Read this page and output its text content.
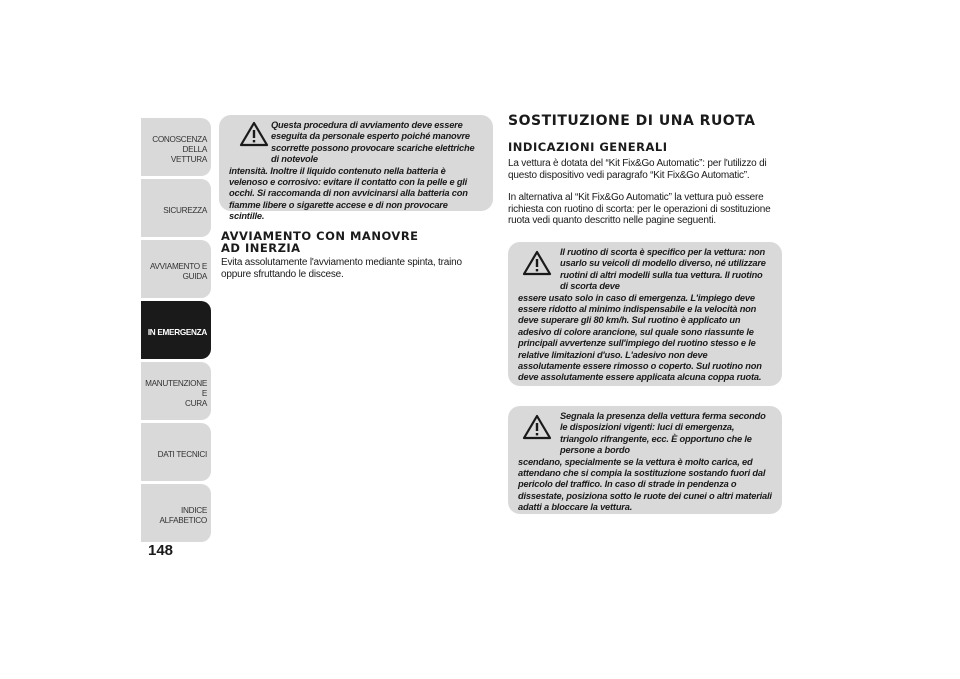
CONOSCENZA
DELLA VETTURA
SICUREZZA
AVVIAMENTO E
GUIDA
IN EMERGENZA
MANUTENZIONE E
CURA
DATI TECNICI
INDICE ALFABETICO
148

Questa procedura di avviamento deve essere eseguita da personale esperto poiché manovre scorrette possono provocare scariche elettriche di notevole

intensità. Inoltre il liquido contenuto nella batteria è velenoso e corrosivo: evitare il contatto con la pelle e gli occhi. Si raccomanda di non avvicinarsi alla batteria con fiamme libere o sigarette accese e di non provocare scintille.

AVVIAMENTO CON MANOVRE
AD INERZIA

Evita assolutamente l'avviamento mediante spinta, traino oppure sfruttando le discese.

SOSTITUZIONE DI UNA RUOTA
INDICAZIONI GENERALI

La vettura è dotata del “Kit Fix&Go Automatic”: per l'utilizzo di questo dispositivo vedi paragrafo “Kit Fix&Go Automatic”.

In alternativa al “Kit Fix&Go Automatic” la vettura può essere richiesta con ruotino di scorta: per le operazioni di sostituzione ruota vedi quanto descritto nelle pagine seguenti.

Il ruotino di scorta è specifico per la vettura: non usarlo su veicoli di modello diverso, né utilizzare ruotini di altri modelli sulla tua vettura. Il ruotino di scorta deve

essere usato solo in caso di emergenza. L'impiego deve essere ridotto al minimo indispensabile e la velocità non deve superare gli 80 km/h. Sul ruotino è applicato un adesivo di colore arancione, sul quale sono riassunte le principali avvertenze sull'impiego del ruotino stesso e le relative limitazioni d'uso. L'adesivo non deve assolutamente essere rimosso o coperto. Sul ruotino non deve assolutamente essere applicata alcuna coppa ruota.

Segnala la presenza della vettura ferma secondo le disposizioni vigenti: luci di emergenza, triangolo rifrangente, ecc. È opportuno che le persone a bordo

scendano, specialmente se la vettura è molto carica, ed attendano che si compia la sostituzione sostando fuori dal pericolo del traffico. In caso di strade in pendenza o dissestate, posiziona sotto le ruote dei cunei o altri materiali adatti a bloccare la vettura.
